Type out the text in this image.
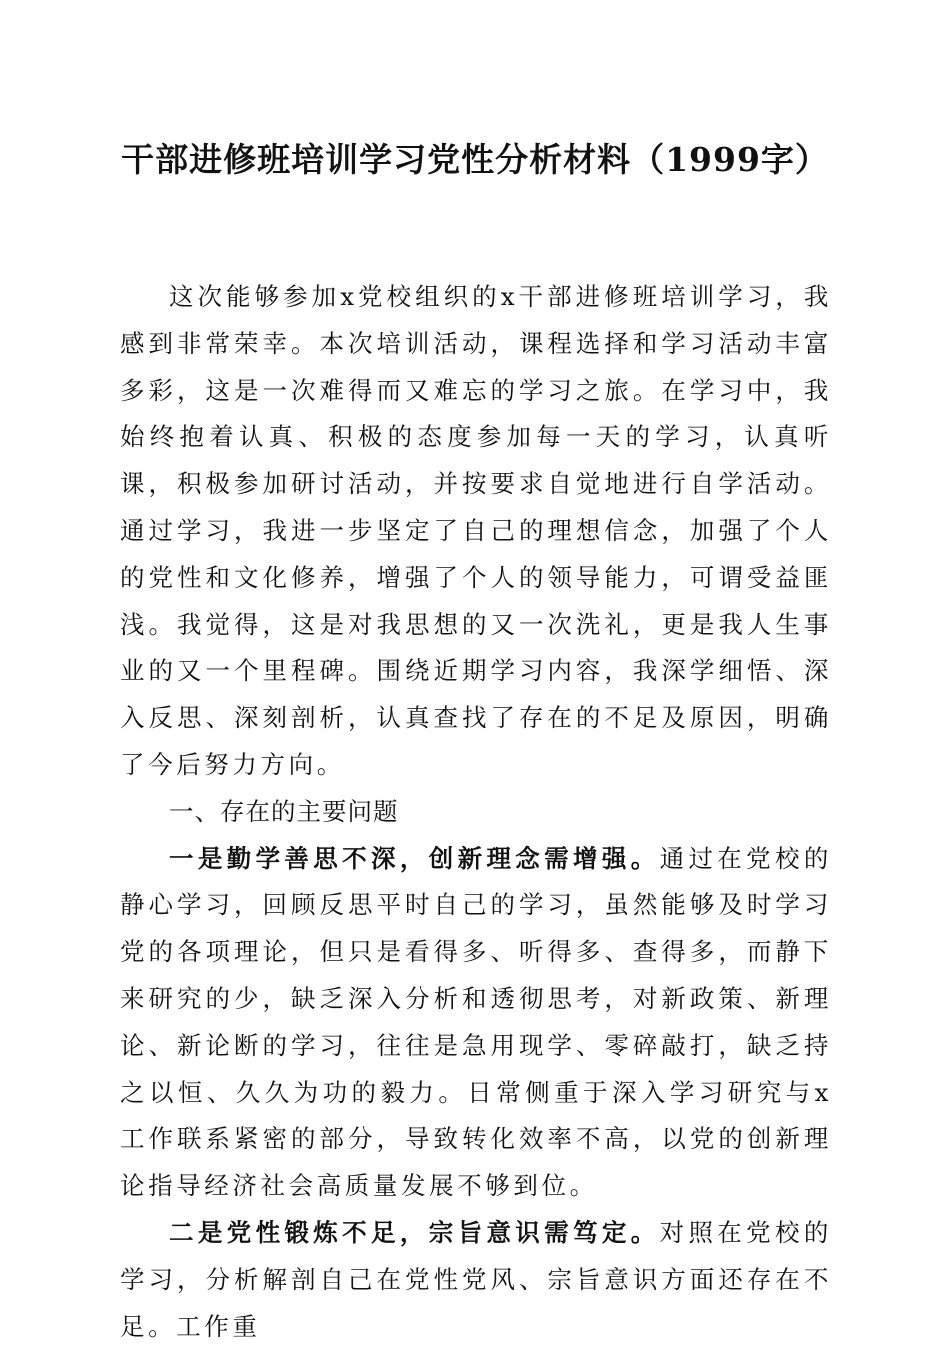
干部进修班培训学习党性分析材料（1999字）

这次能够参加x党校组织的x干部进修班培训学习，我感到非常荣幸。本次培训活动，课程选择和学习活动丰富多彩，这是一次难得而又难忘的学习之旅。在学习中，我始终抱着认真、积极的态度参加每一天的学习，认真听课，积极参加研讨活动，并按要求自觉地进行自学活动。通过学习，我进一步坚定了自己的理想信念，加强了个人的党性和文化修养，增强了个人的领导能力，可谓受益匪浅。我觉得，这是对我思想的又一次洗礼，更是我人生事业的又一个里程碑。围绕近期学习内容，我深学细悟、深入反思、深刻剖析，认真查找了存在的不足及原因，明确了今后努力方向。

一、存在的主要问题

一是勤学善思不深，创新理念需增强。通过在党校的静心学习，回顾反思平时自己的学习，虽然能够及时学习党的各项理论，但只是看得多、听得多、查得多，而静下来研究的少，缺乏深入分析和透彻思考，对新政策、新理论、新论断的学习，往往是急用现学、零碎敲打，缺乏持之以恒、久久为功的毅力。日常侧重于深入学习研究与x工作联系紧密的部分，导致转化效率不高，以党的创新理论指导经济社会高质量发展不够到位。

二是党性锻炼不足，宗旨意识需笃定。对照在党校的学习，分析解剖自己在党性党风、宗旨意识方面还存在不足。工作重
